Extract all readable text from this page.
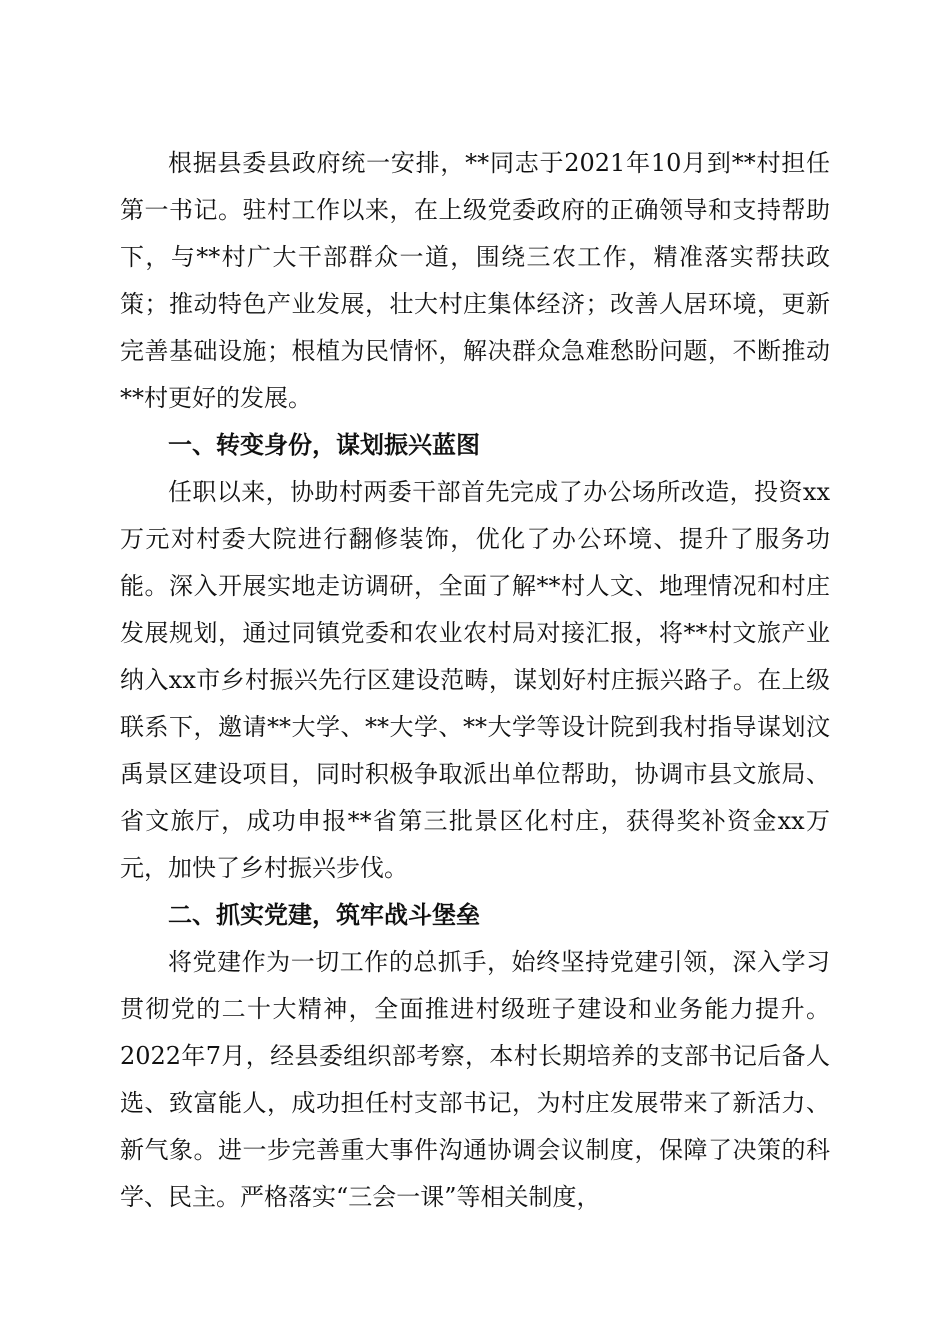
根据县委县政府统一安排，**同志于2021年10月到**村担任第一书记。驻村工作以来，在上级党委政府的正确领导和支持帮助下，与**村广大干部群众一道，围绕三农工作，精准落实帮扶政策；推动特色产业发展，壮大村庄集体经济；改善人居环境，更新完善基础设施；根植为民情怀，解决群众急难愁盼问题，不断推动**村更好的发展。

一、转变身份，谋划振兴蓝图

任职以来，协助村两委干部首先完成了办公场所改造，投资xx万元对村委大院进行翻修装饰，优化了办公环境、提升了服务功能。深入开展实地走访调研，全面了解**村人文、地理情况和村庄发展规划，通过同镇党委和农业农村局对接汇报，将**村文旅产业纳入xx市乡村振兴先行区建设范畴，谋划好村庄振兴路子。在上级联系下，邀请**大学、**大学、**大学等设计院到我村指导谋划汶禹景区建设项目，同时积极争取派出单位帮助，协调市县文旅局、省文旅厅，成功申报**省第三批景区化村庄，获得奖补资金xx万元，加快了乡村振兴步伐。

二、抓实党建，筑牢战斗堡垒

将党建作为一切工作的总抓手，始终坚持党建引领，深入学习贯彻党的二十大精神，全面推进村级班子建设和业务能力提升。2022年7月，经县委组织部考察，本村长期培养的支部书记后备人选、致富能人，成功担任村支部书记，为村庄发展带来了新活力、新气象。进一步完善重大事件沟通协调会议制度，保障了决策的科学、民主。严格落实“三会一课”等相关制度，
